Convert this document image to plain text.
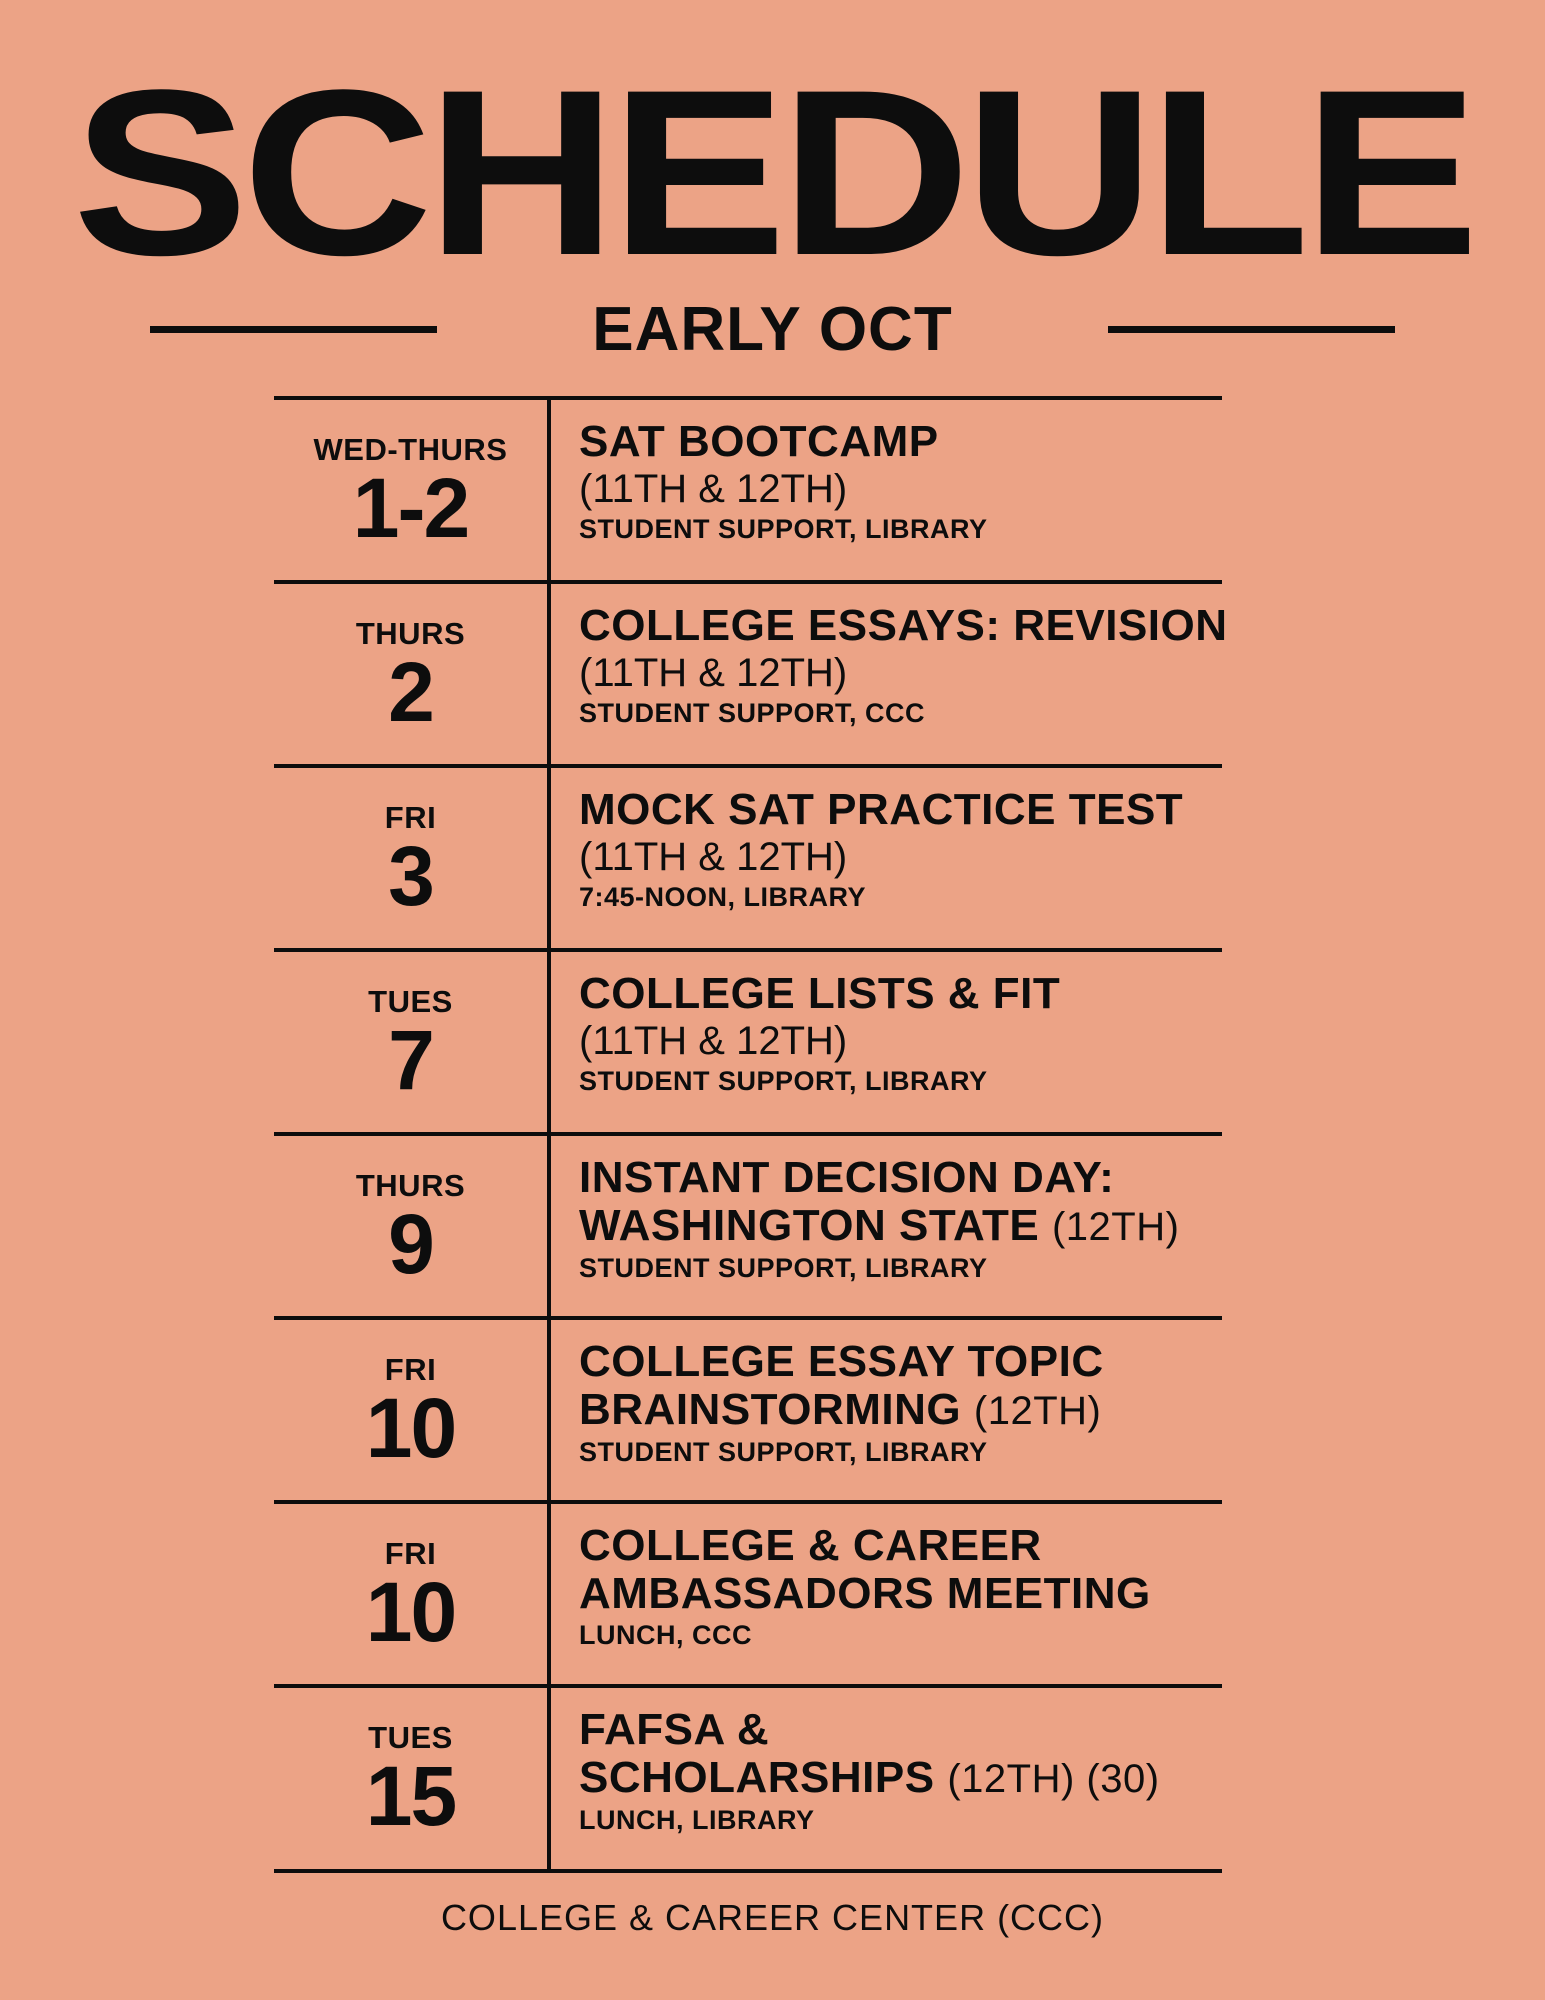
SCHEDULE
EARLY OCT
WED-THURS
1-2
SAT BOOTCAMP
(11TH & 12TH)
STUDENT SUPPORT, LIBRARY
THURS
2
COLLEGE ESSAYS: REVISION
(11TH & 12TH)
STUDENT SUPPORT, CCC
FRI
3
MOCK SAT PRACTICE TEST
(11TH & 12TH)
7:45-NOON, LIBRARY
TUES
7
COLLEGE LISTS & FIT
(11TH & 12TH)
STUDENT SUPPORT, LIBRARY
THURS
9
INSTANT DECISION DAY:
WASHINGTON STATE (12TH)
STUDENT SUPPORT, LIBRARY
FRI
10
COLLEGE ESSAY TOPIC
BRAINSTORMING (12TH)
STUDENT SUPPORT, LIBRARY
FRI
10
COLLEGE & CAREER
AMBASSADORS MEETING
LUNCH, CCC
TUES
15
FAFSA &
SCHOLARSHIPS (12TH) (30)
LUNCH, LIBRARY
COLLEGE & CAREER CENTER (CCC)
